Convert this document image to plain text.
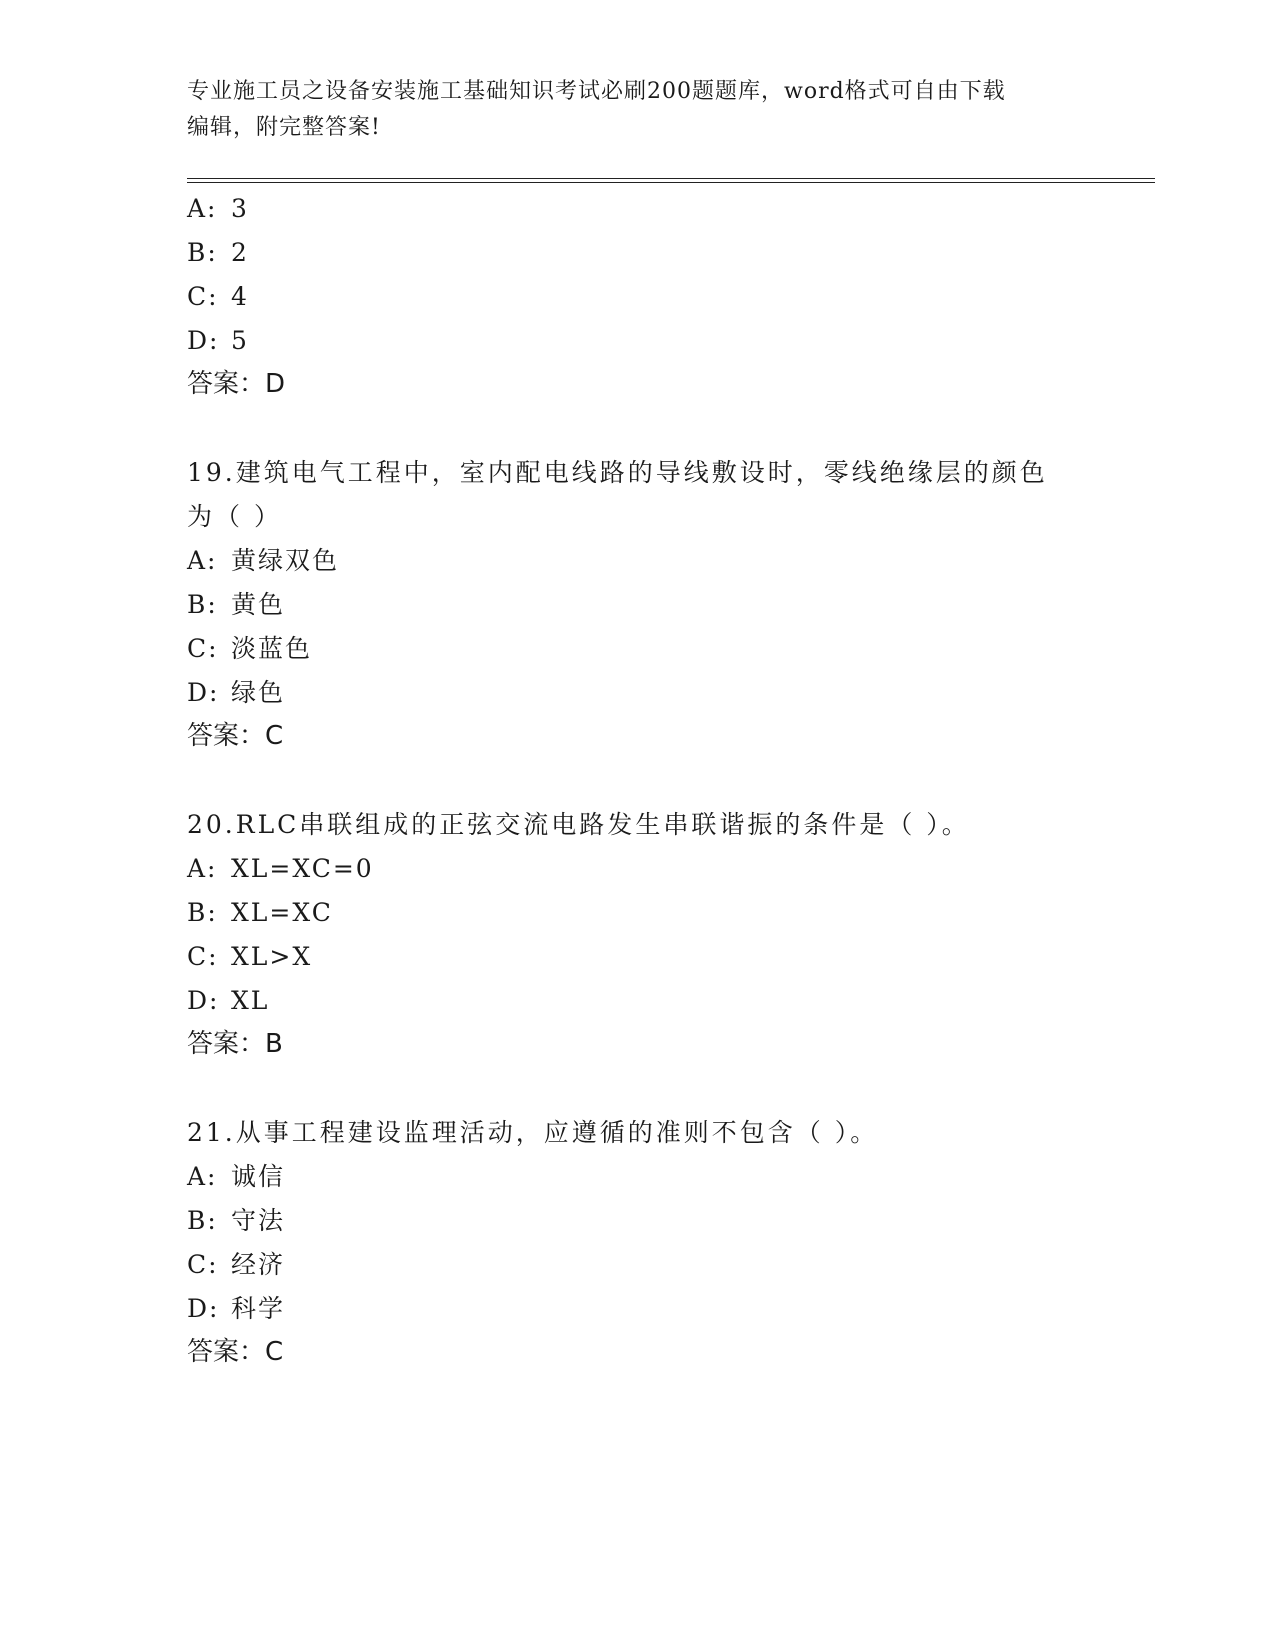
专业施工员之设备安装施工基础知识考试必刷200题题库，word格式可自由下载
编辑，附完整答案!
A: 3
B: 2
C: 4
D: 5
答案：D
19.建筑电气工程中，室内配电线路的导线敷设时，零线绝缘层的颜色
为（ ）
A: 黄绿双色
B: 黄色
C: 淡蓝色
D: 绿色
答案：C
20.RLC串联组成的正弦交流电路发生串联谐振的条件是（ ）。
A: XL=XC=0
B: XL=XC
C: XL>X
D: XL
答案：B
21.从事工程建设监理活动，应遵循的准则不包含（ ）。
A: 诚信
B: 守法
C: 经济
D: 科学
答案：C
